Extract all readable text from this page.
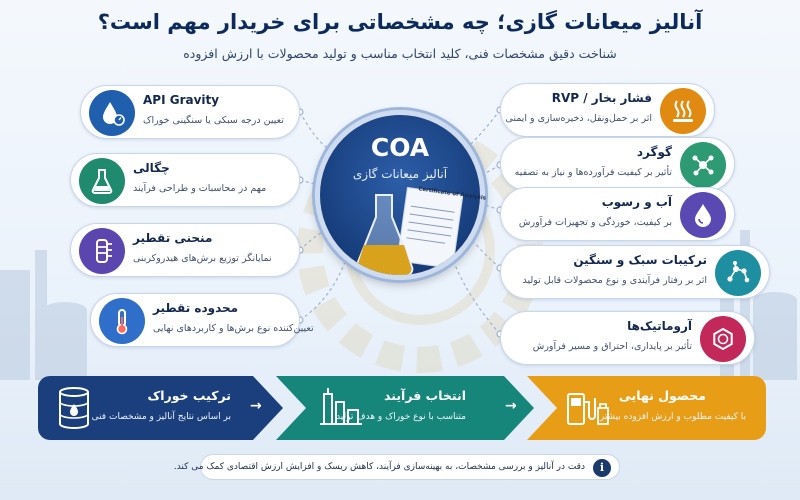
آنالیز میعانات گازی؛ چه مشخصاتی برای خریدار مهم است؟
شناخت دقیق مشخصات فنی، کلید انتخاب مناسب و تولید محصولات با ارزش افزوده
API Gravity
تعیین درجه سبکی یا سنگینی خوراک
چگالی
مهم در محاسبات و طراحی فرآیند
منحنی تقطیر
نمایانگر توزیع برش‌های هیدروکربنی
محدوده تقطیر
تعیین‌کننده نوع برش‌ها و کاربردهای نهایی
COA
آنالیز میعانات گازی
Certificate of Analysis
فشار بخار / RVP
اثر بر حمل‌ونقل، ذخیره‌سازی و ایمنی
گوگرد
تأثیر بر کیفیت فرآورده‌ها و نیاز به تصفیه
آب و رسوب
بر کیفیت، خوردگی و تجهیزات فرآورش
ترکیبات سبک و سنگین
اثر بر رفتار فرآیندی و نوع محصولات قابل تولید
آروماتیک‌ها
تأثیر بر پایداری، احتراق و مسیر فرآورش
ترکیب خوراک
بر اساس نتایج آنالیز و مشخصات فنی
→
انتخاب فرآیند
متناسب با نوع خوراک و هدف تولید
→
محصول نهایی
با کیفیت مطلوب و ارزش افزوده بیشتر
i
دقت در آنالیز و بررسی مشخصات، به بهینه‌سازی فرآیند، کاهش ریسک و افزایش ارزش اقتصادی کمک می کند.
